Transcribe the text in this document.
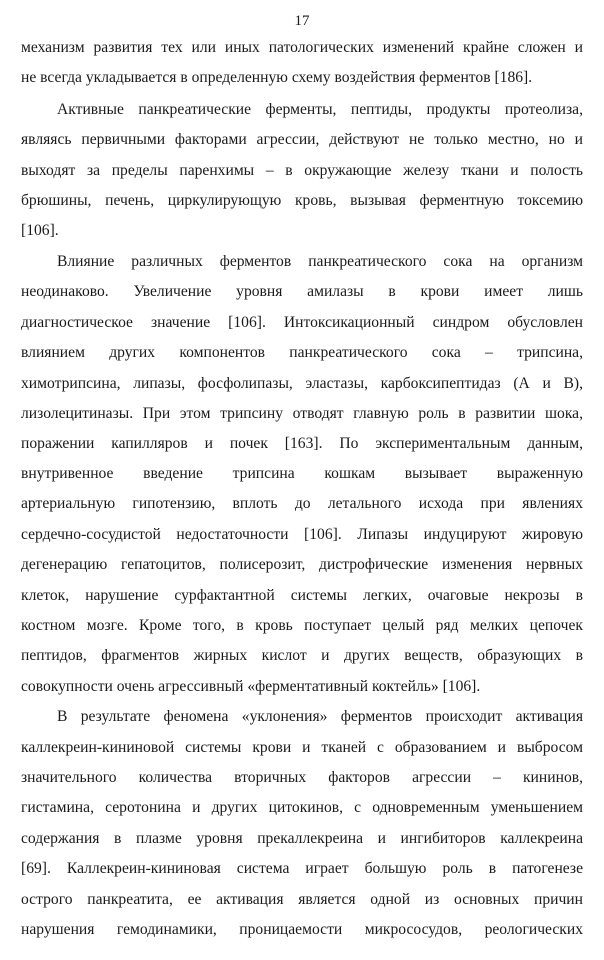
17
механизм развития тех или иных патологических изменений крайне сложен и
не всегда укладывается в определенную схему воздействия ферментов [186].
Активные панкреатические ферменты, пептиды, продукты протеолиза,
являясь первичными факторами агрессии, действуют не только местно, но и
выходят за пределы паренхимы – в окружающие железу ткани и полость
брюшины, печень, циркулирующую кровь, вызывая ферментную токсемию
[106].
Влияние различных ферментов панкреатического сока на организм
неодинаково. Увеличение уровня амилазы в крови имеет лишь
диагностическое значение [106]. Интоксикационный синдром обусловлен
влиянием других компонентов панкреатического сока – трипсина,
химотрипсина, липазы, фосфолипазы, эластазы, карбоксипептидаз (А и В),
лизолецитиназы. При этом трипсину отводят главную роль в развитии шока,
поражении капилляров и почек [163]. По экспериментальным данным,
внутривенное введение трипсина кошкам вызывает выраженную
артериальную гипотензию, вплоть до летального исхода при явлениях
сердечно-сосудистой недостаточности [106]. Липазы индуцируют жировую
дегенерацию гепатоцитов, полисерозит, дистрофические изменения нервных
клеток, нарушение сурфактантной системы легких, очаговые некрозы в
костном мозге. Кроме того, в кровь поступает целый ряд мелких цепочек
пептидов, фрагментов жирных кислот и других веществ, образующих в
совокупности очень агрессивный «ферментативный коктейль» [106].
В результате феномена «уклонения» ферментов происходит активация
каллекреин-кининовой системы крови и тканей с образованием и выбросом
значительного количества вторичных факторов агрессии – кининов,
гистамина, серотонина и других цитокинов, с одновременным уменьшением
содержания в плазме уровня прекаллекреина и ингибиторов каллекреина
[69]. Каллекреин-кининовая система играет большую роль в патогенезе
острого панкреатита, ее активация является одной из основных причин
нарушения гемодинамики, проницаемости микрососудов, реологических
